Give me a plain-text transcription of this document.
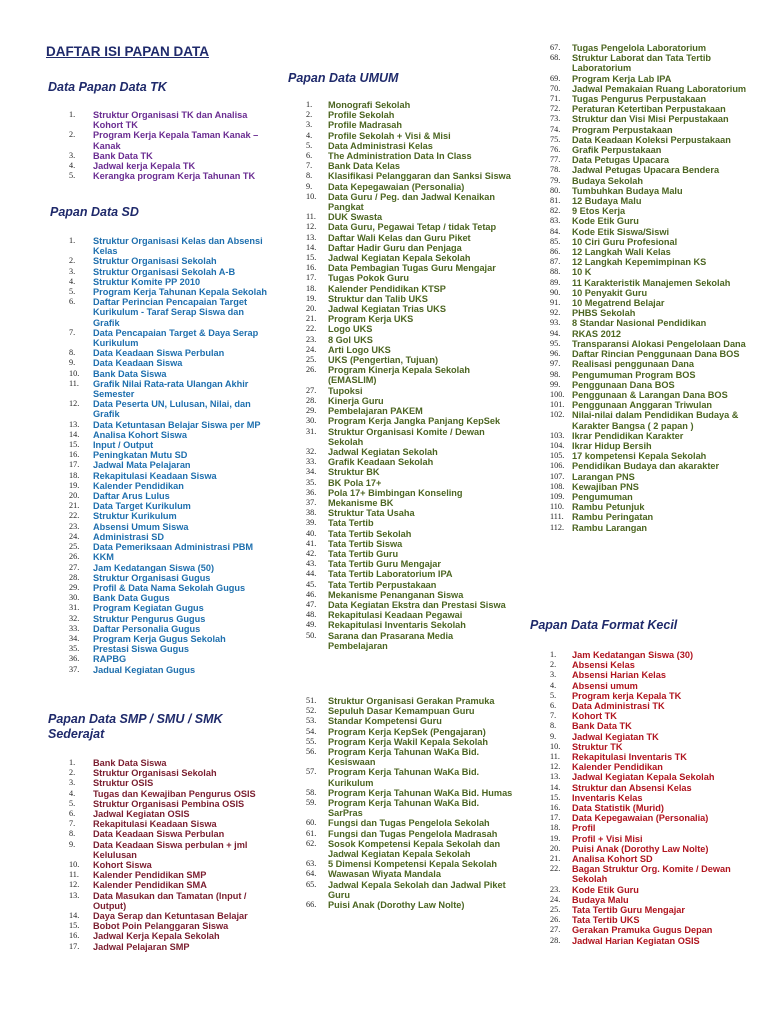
DAFTAR ISI PAPAN DATA
Data Papan Data TK
1.	Struktur Organisasi TK dan Analisa Kohort TK
2.	Program Kerja Kepala Taman Kanak – Kanak
3.	Bank Data TK
4.	Jadwal kerja Kepala TK
5.	Kerangka program Kerja Tahunan TK
Papan Data SD
1.	Struktur Organisasi Kelas dan Absensi Kelas
2.	Struktur Organisasi Sekolah
3.	Struktur Organisasi Sekolah A-B
4.	Struktur Komite PP 2010
5.	Program Kerja Tahunan Kepala Sekolah
6.	Daftar Perincian Pencapaian Target Kurikulum - Taraf Serap Siswa dan Grafik
7.	Data Pencapaian Target & Daya Serap Kurikulum
8.	Data Keadaan Siswa Perbulan
9.	Data Keadaan Siswa
10.	Bank Data Siswa
11.	Grafik Nilai Rata-rata Ulangan Akhir Semester
12.	Data Peserta UN, Lulusan, Nilai, dan Grafik
13.	Data Ketuntasan Belajar Siswa per MP
14.	Analisa Kohort Siswa
15.	Input / Output
16.	Peningkatan Mutu SD
17.	Jadwal Mata Pelajaran
18.	Rekapitulasi Keadaan Siswa
19.	Kalender Pendidikan
20.	Daftar Arus Lulus
21.	Data Target Kurikulum
22.	Struktur Kurikulum
23.	Absensi Umum Siswa
24.	Administrasi SD
25.	Data Pemeriksaan Administrasi PBM
26.	KKM
27.	Jam Kedatangan Siswa (50)
28.	Struktur Organisasi Gugus
29.	Profil & Data Nama Sekolah Gugus
30.	Bank Data Gugus
31.	Program Kegiatan Gugus
32.	Struktur Pengurus Gugus
33.	Daftar Personalia Gugus
34.	Program Kerja Gugus Sekolah
35.	Prestasi Siswa Gugus
36.	RAPBG
37.	Jadual Kegiatan Gugus
Papan Data SMP / SMU / SMK Sederajat
1.	Bank Data Siswa
2.	Struktur Organisasi Sekolah
3.	Struktur OSIS
4.	Tugas dan Kewajiban Pengurus OSIS
5.	Struktur Organisasi Pembina OSIS
6.	Jadwal Kegiatan OSIS
7.	Rekapitulasi Keadaan Siswa
8.	Data Keadaan Siswa Perbulan
9.	Data Keadaan Siswa perbulan + jml Kelulusan
10.	Kohort Siswa
11.	Kalender Pendidikan SMP
12.	Kalender Pendidikan SMA
13.	Data Masukan dan Tamatan (Input / Output)
14.	Daya Serap dan Ketuntasan Belajar
15.	Bobot Poin Pelanggaran Siswa
16.	Jadwal Kerja Kepala Sekolah
17.	Jadwal Pelajaran SMP
Papan Data UMUM
1.	Monografi Sekolah
2.	Profile Sekolah
3.	Profile Madrasah
4.	Profile Sekolah + Visi & Misi
5.	Data Administrasi Kelas
6.	The Administration Data In Class
7.	Bank Data Kelas
8.	Klasifikasi Pelanggaran dan Sanksi Siswa
9.	Data Kepegawaian (Personalia)
10.	Data Guru / Peg. dan Jadwal Kenaikan Pangkat
11.	DUK Swasta
12.	Data Guru, Pegawai Tetap / tidak Tetap
13.	Daftar Wali Kelas dan Guru Piket
14.	Daftar Hadir Guru dan Penjaga
15.	Jadwal Kegiatan Kepala Sekolah
16.	Data Pembagian Tugas Guru Mengajar
17.	Tugas Pokok Guru
18.	Kalender Pendidikan KTSP
19.	Struktur dan Talib UKS
20.	Jadwal Kegiatan Trias UKS
21.	Program Kerja UKS
22.	Logo UKS
23.	8 Gol UKS
24.	Arti Logo UKS
25.	UKS (Pengertian, Tujuan)
26.	Program Kinerja Kepala Sekolah (EMASLIM)
27.	Tupoksi
28.	Kinerja Guru
29.	Pembelajaran PAKEM
30.	Program Kerja Jangka Panjang KepSek
31.	Struktur Organisasi Komite / Dewan Sekolah
32.	Jadwal Kegiatan Sekolah
33.	Grafik Keadaan Sekolah
34.	Struktur BK
35.	BK Pola 17+
36.	Pola 17+ Bimbingan Konseling
37.	Mekanisme BK
38.	Struktur Tata Usaha
39.	Tata Tertib
40.	Tata Tertib Sekolah
41.	Tata Tertib Siswa
42.	Tata Tertib Guru
43.	Tata Tertib Guru Mengajar
44.	Tata Tertib Laboratorium IPA
45.	Tata Tertib Perpustakaan
46.	Mekanisme Penanganan Siswa
47.	Data Kegiatan Ekstra dan Prestasi Siswa
48.	Rekapitulasi Keadaan Pegawai
49.	Rekapitulasi Inventaris Sekolah
50.	Sarana dan Prasarana Media Pembelajaran
51.	Struktur Organisasi Gerakan Pramuka
52.	Sepuluh Dasar Kemampuan Guru
53.	Standar Kompetensi Guru
54.	Program Kerja KepSek (Pengajaran)
55.	Program Kerja Wakil Kepala Sekolah
56.	Program Kerja Tahunan WaKa Bid. Kesiswaan
57.	Program Kerja Tahunan WaKa Bid. Kurikulum
58.	Program Kerja Tahunan WaKa Bid. Humas
59.	Program Kerja Tahunan WaKa Bid. SarPras
60.	Fungsi dan Tugas Pengelola Sekolah
61.	Fungsi dan Tugas Pengelola Madrasah
62.	Sosok Kompetensi Kepala Sekolah dan Jadwal Kegiatan Kepala Sekolah
63.	5 Dimensi Kompetensi Kepala Sekolah
64.	Wawasan Wiyata Mandala
65.	Jadwal Kepala Sekolah dan Jadwal Piket Guru
66.	Puisi Anak (Dorothy Law Nolte)
67.	Tugas Pengelola Laboratorium
68.	Struktur Laborat dan Tata Tertib Laboratorium
69.	Program Kerja Lab IPA
70.	Jadwal Pemakaian Ruang Laboratorium
71.	Tugas Pengurus Perpustakaan
72.	Peraturan Ketertiban Perpustakaan
73.	Struktur dan Visi Misi Perpustakaan
74.	Program Perpustakaan
75.	Data Keadaan Koleksi Perpustakaan
76.	Grafik Perpustakaan
77.	Data Petugas Upacara
78.	Jadwal Petugas Upacara Bendera
79.	Budaya Sekolah
80.	Tumbuhkan Budaya Malu
81.	12 Budaya Malu
82.	9 Etos Kerja
83.	Kode Etik Guru
84.	Kode Etik Siswa/Siswi
85.	10 Ciri Guru Profesional
86.	12 Langkah Wali Kelas
87.	12 Langkah Kepemimpinan KS
88.	10 K
89.	11 Karakteristik Manajemen Sekolah
90.	10 Penyakit Guru
91.	10 Megatrend Belajar
92.	PHBS Sekolah
93.	8 Standar Nasional Pendidikan
94.	RKAS 2012
95.	Transparansi Alokasi Pengelolaan Dana
96.	Daftar Rincian Penggunaan Dana BOS
97.	Realisasi penggunaan Dana
98.	Pengumuman Program BOS
99.	Penggunaan Dana BOS
100. Penggunaan & Larangan Dana BOS
101. Penggunaan Anggaran Triwulan
102. Nilai-nilai dalam Pendidikan Budaya & Karakter Bangsa ( 2 papan )
103. Ikrar Pendidikan Karakter
104. Ikrar Hidup Bersih
105. 17 kompetensi Kepala Sekolah
106. Pendidikan Budaya dan akarakter
107. Larangan PNS
108. Kewajiban PNS
109. Pengumuman
110. Rambu Petunjuk
111. Rambu Peringatan
112. Rambu Larangan
Papan Data Format Kecil
1.	Jam Kedatangan Siswa (30)
2.	Absensi Kelas
3.	Absensi Harian Kelas
4.	Absensi umum
5.	Program kerja Kepala TK
6.	Data Administrasi TK
7.	Kohort TK
8.	Bank Data TK
9.	Jadwal Kegiatan TK
10.	Struktur TK
11.	Rekapitulasi Inventaris TK
12.	Kalender Pendidikan
13.	Jadwal Kegiatan Kepala Sekolah
14.	Struktur dan Absensi Kelas
15.	Inventaris Kelas
16.	Data Statistik (Murid)
17.	Data Kepegawaian (Personalia)
18.	Profil
19.	Profil + Visi Misi
20.	Puisi Anak (Dorothy Law Nolte)
21.	Analisa Kohort SD
22.	Bagan Struktur Org. Komite / Dewan Sekolah
23.	Kode Etik Guru
24.	Budaya Malu
25.	Tata Tertib Guru Mengajar
26.	Tata Tertib UKS
27.	Gerakan Pramuka Gugus Depan
28.	Jadwal Harian Kegiatan OSIS
